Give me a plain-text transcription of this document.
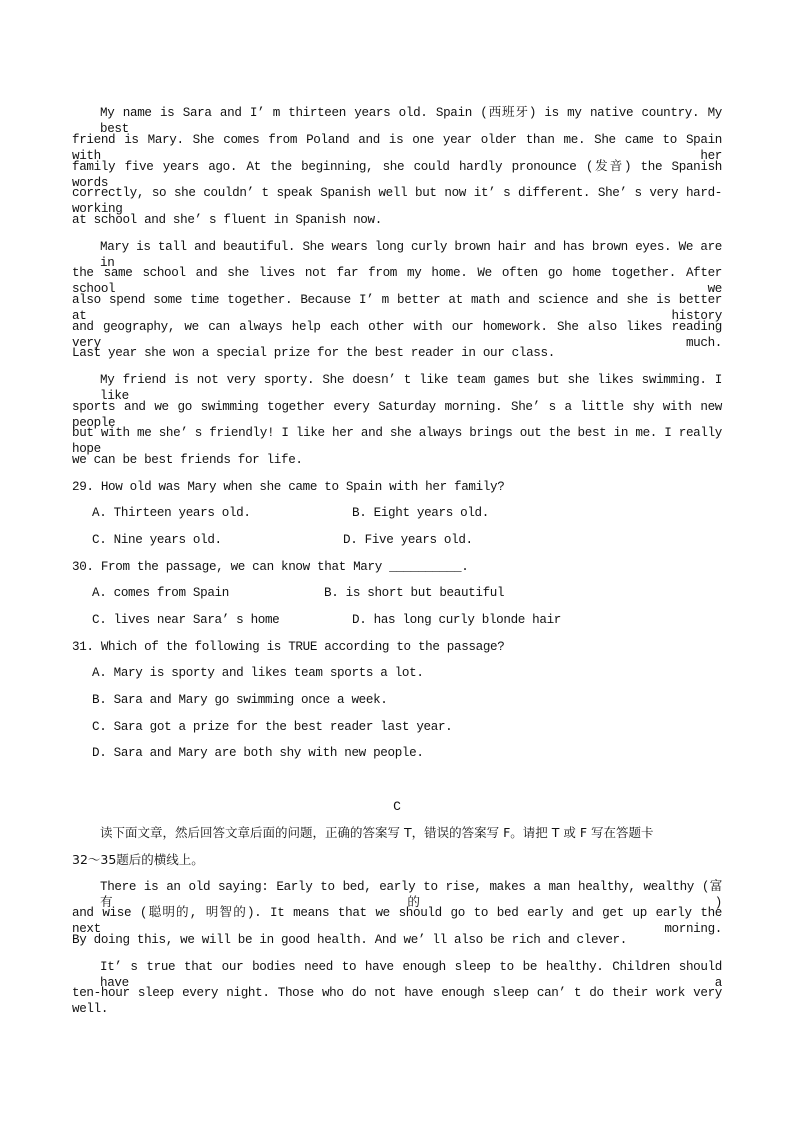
My name is Sara and I’ m thirteen years old. Spain (西班牙) is my native country. My best
friend is Mary. She comes from Poland and is one year older than me. She came to Spain with her
family five years ago. At the beginning, she could hardly pronounce (发音) the Spanish words
correctly, so she couldn’ t speak Spanish well but now it’ s different. She’ s very hard-working
at school and she’ s fluent in Spanish now.
Mary is tall and beautiful. She wears long curly brown hair and has brown eyes. We are in
the same school and she lives not far from my home. We often go home together. After school we
also spend some time together. Because I’ m better at math and science and she is better at history
and geography, we can always help each other with our homework. She also likes reading very much.
Last year she won a special prize for the best reader in our class.
My friend is not very sporty. She doesn’ t like team games but she likes swimming. I like
sports and we go swimming together every Saturday morning. She’ s a little shy with new people
but with me she’ s friendly! I like her and she always brings out the best in me. I really hope
we can be best friends for life.
29. How old was Mary when she came to Spain with her family?
A. Thirteen years old.	B. Eight years old.
C. Nine years old.	D. Five years old.
30. From the passage, we can know that Mary __________.
A. comes from Spain	B. is short but beautiful
C. lives near Sara’ s home	D. has long curly blonde hair
31. Which of the following is TRUE according to the passage?
A. Mary is sporty and likes team sports a lot.
B. Sara and Mary go swimming once a week.
C. Sara got a prize for the best reader last year.
D. Sara and Mary are both shy with new people.
C
读下面文章，然后回答文章后面的问题，正确的答案写 T，错误的答案写 F。请把 T 或 F 写在答题卡
32～35题后的横线上。
There is an old saying: Early to bed, early to rise, makes a man healthy, wealthy (富有的)
and wise (聪明的, 明智的). It means that we should go to bed early and get up early the next morning.
By doing this, we will be in good health. And we’ ll also be rich and clever.
It’ s true that our bodies need to have enough sleep to be healthy. Children should have a
ten-hour sleep every night. Those who do not have enough sleep can’ t do their work very well.
